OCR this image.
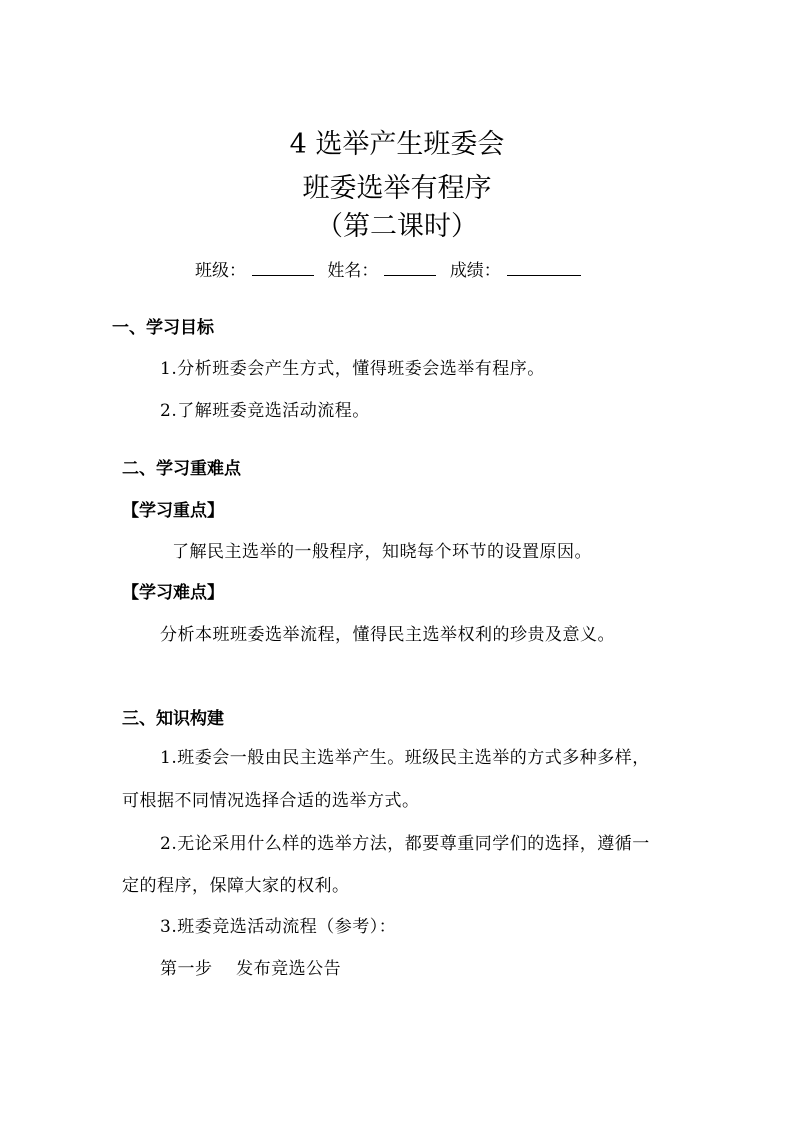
4 选举产生班委会
班委选举有程序
（第二课时）
班级：	姓名：	成绩：
一、学习目标
1.分析班委会产生方式，懂得班委会选举有程序。
2.了解班委竞选活动流程。
二、学习重难点
【学习重点】
了解民主选举的一般程序，知晓每个环节的设置原因。
【学习难点】
分析本班班委选举流程，懂得民主选举权利的珍贵及意义。
三、知识构建
1.班委会一般由民主选举产生。班级民主选举的方式多种多样，
可根据不同情况选择合适的选举方式。
2.无论采用什么样的选举方法，都要尊重同学们的选择，遵循一
定的程序，保障大家的权利。
3.班委竞选活动流程（参考）：
第一步    发布竞选公告
